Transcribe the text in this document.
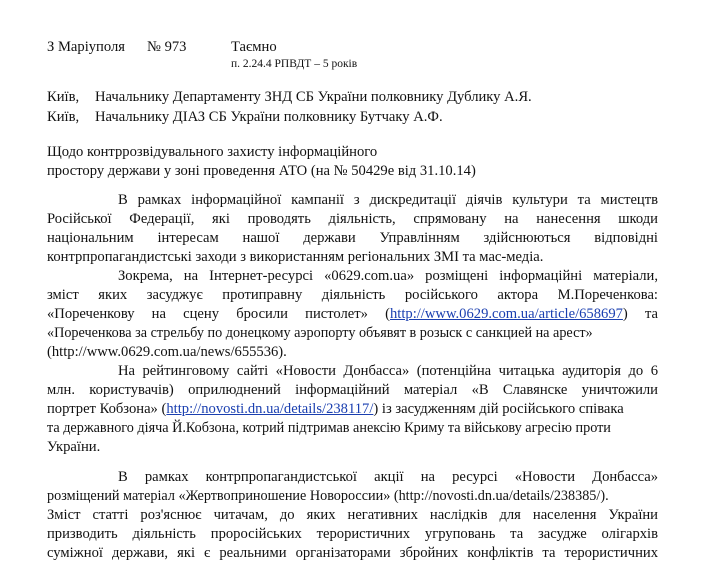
З Маріуполя № 973	Таємно
п. 2.24.4 РПВДТ – 5 років
Київ, Начальнику Департаменту ЗНД СБ України полковнику Дублику А.Я.
Київ, Начальнику ДІАЗ СБ України полковнику Бутчаку А.Ф.
Щодо контррозвідувального захисту інформаційного
простору держави у зоні проведення АТО (на № 50429е від 31.10.14)
В рамках інформаційної кампанії з дискредитації діячів культури та мистецтв
Російської Федерації, які проводять діяльність, спрямовану на нанесення шкоди
національним інтересам нашої держави Управлінням здійснюються відповідні
контрпропагандистські заходи з використанням регіональних ЗМІ та мас-медіа.
Зокрема, на Інтернет-ресурсі «0629.com.ua» розміщені інформаційні матеріали,
зміст яких засуджує протиправну діяльність російського актора М.Пореченкова:
«Пореченкову на сцену бросили пистолет» (http://www.0629.com.ua/article/658697) та
«Пореченкова за стрельбу по донецкому аэропорту объявят в розыск с санкцией на арест»
(http://www.0629.com.ua/news/655536).
На рейтинговому сайті «Новости Донбасса» (потенційна читацька аудиторія до 6
млн. користувачів) оприлюднений інформаційний матеріал «В Славянске уничтожили
портрет Кобзона» (http://novosti.dn.ua/details/238117/) із засудженням дій російського співака
та державного діяча Й.Кобзона, котрий підтримав анексію Криму та військову агресію проти
України.
В рамках контрпропагандистської акції на ресурсі «Новости Донбасса»
розміщений матеріал «Жертвоприношение Новороссии» (http://novosti.dn.ua/details/238385/).
Зміст статті роз'яснює читачам, до яких негативних наслідків для населення України
призводить діяльність проросійських терористичних угруповань та засудже олігархів
суміжної держави, які є реальними організаторами збройних конфліктів та терористичних
